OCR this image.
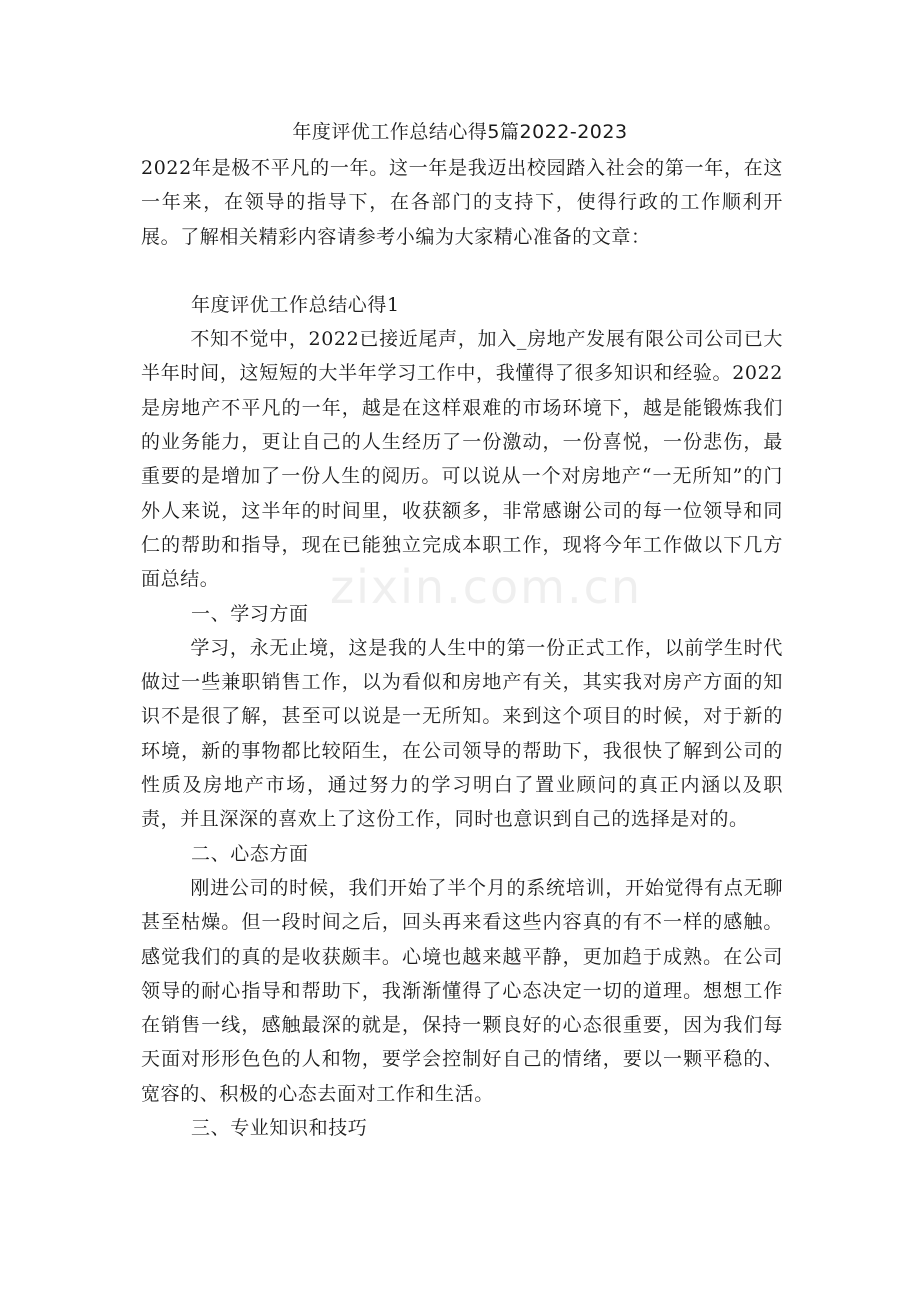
年度评优工作总结心得5篇2022-2023

2022年是极不平凡的一年。这一年是我迈出校园踏入社会的第一年，在这一年来，在领导的指导下，在各部门的支持下，使得行政的工作顺利开展。了解相关精彩内容请参考小编为大家精心准备的文章：

年度评优工作总结心得1

不知不觉中，2022已接近尾声，加入_房地产发展有限公司公司已大半年时间，这短短的大半年学习工作中，我懂得了很多知识和经验。2022是房地产不平凡的一年，越是在这样艰难的市场环境下，越是能锻炼我们的业务能力，更让自己的人生经历了一份激动，一份喜悦，一份悲伤，最重要的是增加了一份人生的阅历。可以说从一个对房地产“一无所知”的门外人来说，这半年的时间里，收获额多，非常感谢公司的每一位领导和同仁的帮助和指导，现在已能独立完成本职工作，现将今年工作做以下几方面总结。

一、学习方面

学习，永无止境，这是我的人生中的第一份正式工作，以前学生时代做过一些兼职销售工作，以为看似和房地产有关，其实我对房产方面的知识不是很了解，甚至可以说是一无所知。来到这个项目的时候，对于新的环境，新的事物都比较陌生，在公司领导的帮助下，我很快了解到公司的性质及房地产市场，通过努力的学习明白了置业顾问的真正内涵以及职责，并且深深的喜欢上了这份工作，同时也意识到自己的选择是对的。

二、心态方面

刚进公司的时候，我们开始了半个月的系统培训，开始觉得有点无聊甚至枯燥。但一段时间之后，回头再来看这些内容真的有不一样的感触。感觉我们的真的是收获颇丰。心境也越来越平静，更加趋于成熟。在公司领导的耐心指导和帮助下，我渐渐懂得了心态决定一切的道理。想想工作在销售一线，感触最深的就是，保持一颗良好的心态很重要，因为我们每天面对形形色色的人和物，要学会控制好自己的情绪，要以一颗平稳的、宽容的、积极的心态去面对工作和生活。

三、专业知识和技巧

zixin.com.cn
